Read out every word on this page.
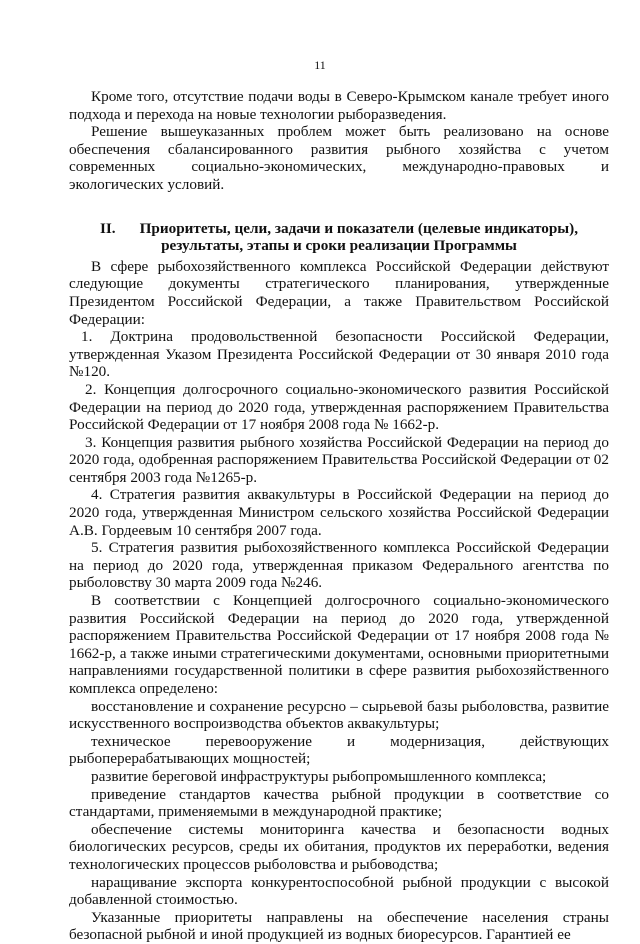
11

Кроме того, отсутствие подачи воды в Северо-Крымском канале требует иного подхода и перехода на новые технологии рыборазведения.

Решение вышеуказанных проблем может быть реализовано на основе обеспечения сбалансированного развития рыбного хозяйства с учетом современных социально-экономических, международно-правовых и экологических условий.

II. Приоритеты, цели, задачи и показатели (целевые индикаторы),
результаты, этапы и сроки реализации Программы

В сфере рыбохозяйственного комплекса Российской Федерации действуют следующие документы стратегического планирования, утвержденные Президентом Российской Федерации, а также Правительством Российской Федерации:

1. Доктрина продовольственной безопасности Российской Федерации, утвержденная Указом Президента Российской Федерации от 30 января 2010 года №120.

2. Концепция долгосрочного социально-экономического развития Российской Федерации на период до 2020 года, утвержденная распоряжением Правительства Российской Федерации от 17 ноября 2008 года № 1662-р.

3. Концепция развития рыбного хозяйства Российской Федерации на период до 2020 года, одобренная распоряжением Правительства Российской Федерации от 02 сентября 2003 года №1265-р.

4. Стратегия развития аквакультуры в Российской Федерации на период до 2020 года, утвержденная Министром сельского хозяйства Российской Федерации А.В. Гордеевым 10 сентября 2007 года.

5. Стратегия развития рыбохозяйственного комплекса Российской Федерации на период до 2020 года, утвержденная приказом Федерального агентства по рыболовству 30 марта 2009 года №246.

В соответствии с Концепцией долгосрочного социально-экономического развития Российской Федерации на период до 2020 года, утвержденной распоряжением Правительства Российской Федерации от 17 ноября 2008 года № 1662-р, а также иными стратегическими документами, основными приоритетными направлениями государственной политики в сфере развития рыбохозяйственного комплекса определено:

восстановление и сохранение ресурсно – сырьевой базы рыболовства, развитие искусственного воспроизводства объектов аквакультуры;

техническое перевооружение и модернизация, действующих рыбоперерабатывающих мощностей;

развитие береговой инфраструктуры рыбопромышленного комплекса;

приведение стандартов качества рыбной продукции в соответствие со стандартами, применяемыми в международной практике;

обеспечение системы мониторинга качества и безопасности водных биологических ресурсов, среды их обитания, продуктов их переработки, ведения технологических процессов рыболовства и рыбоводства;

наращивание экспорта конкурентоспособной рыбной продукции с высокой добавленной стоимостью.

Указанные приоритеты направлены на обеспечение населения страны безопасной рыбной и иной продукцией из водных биоресурсов. Гарантией ее
